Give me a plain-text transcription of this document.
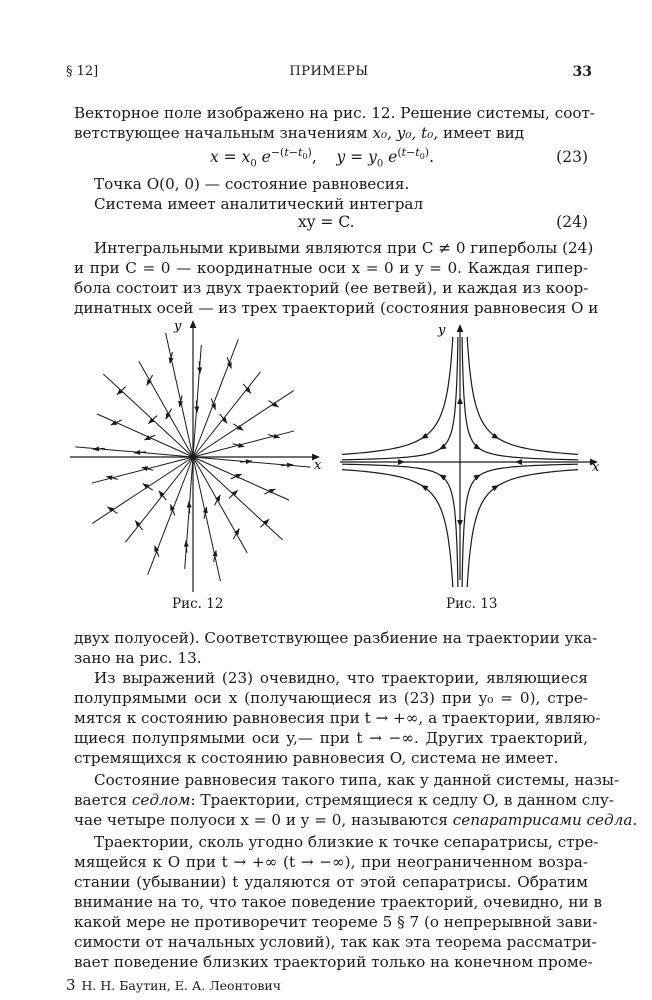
§ 12]	ПРИМЕРЫ	33
Векторное поле изображено на рис. 12. Решение системы, соот-
ветствующее начальным значениям x₀, y₀, t₀, имеет вид
$x = x_0$ $e^{-(t-t_0)}$,    $y = y_0$ $e^{(t-t_0)}$.	(23)
Точка O(0, 0) — состояние равновесия.
Система имеет аналитический интеграл
xy = C.	(24)
Интегральными кривыми являются при C ≠ 0 гиперболы (24)
и при C = 0 — координатные оси x = 0 и y = 0. Каждая гипер-
бола состоит из двух траекторий (ее ветвей), и каждая из коор-
динатных осей — из трех траекторий (состояния равновесия O и
x
y
Рис. 12
x
y
Рис. 13
двух полуосей). Соответствующее разбиение на траектории ука-
зано на рис. 13.
Из выражений (23) очевидно, что траектории, являющиеся
полупрямыми оси x (получающиеся из (23) при y₀ = 0), стре-
мятся к состоянию равновесия при t → +∞, а траектории, являю-
щиеся полупрямыми оси y,— при t → −∞. Других траекторий,
стремящихся к состоянию равновесия O, система не имеет.
Состояние равновесия такого типа, как у данной системы, назы-
вается седлом: Траектории, стремящиеся к седлу O, в данном слу-
чае четыре полуоси x = 0 и y = 0, называются сепаратрисами седла.
Траектории, сколь угодно близкие к точке сепаратрисы, стре-
мящейся к O при t → +∞ (t → −∞), при неограниченном возра-
стании (убывании) t удаляются от этой сепаратрисы. Обратим
внимание на то, что такое поведение траекторий, очевидно, ни в
какой мере не противоречит теореме 5 § 7 (о непрерывной зави-
симости от начальных условий), так как эта теорема рассматри-
вает поведение близких траекторий только на конечном проме-
3 Н. Н. Баутин, Е. А. Леонтович
